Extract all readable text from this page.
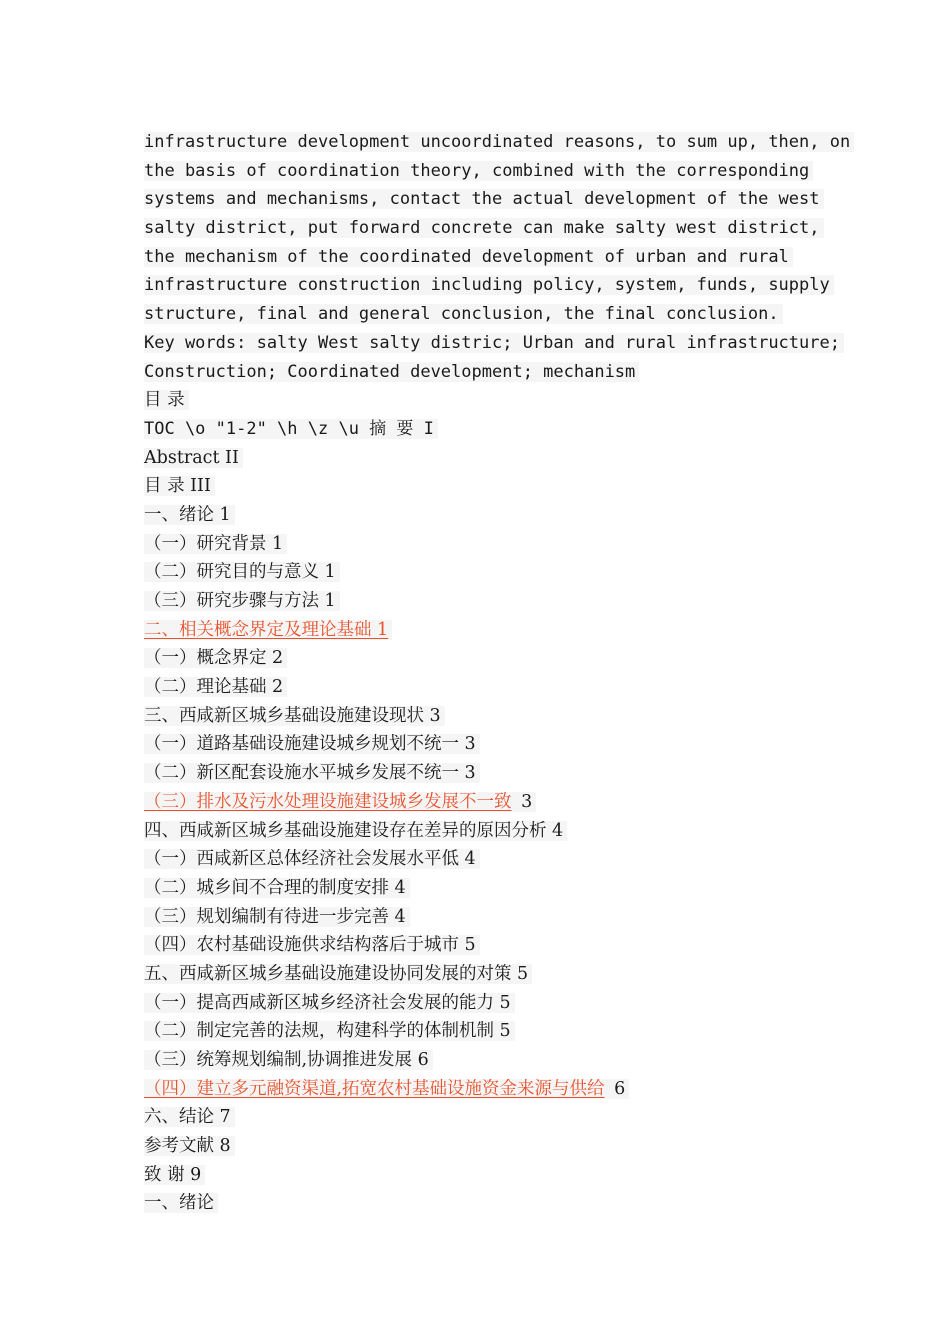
infrastructure development uncoordinated reasons, to sum up, then, on
the basis of coordination theory, combined with the corresponding
systems and mechanisms, contact the actual development of the west
salty district, put forward concrete can make salty west district,
the mechanism of the coordinated development of urban and rural
infrastructure construction including policy, system, funds, supply
structure, final and general conclusion, the final conclusion.
Key words: salty West salty distric; Urban and rural infrastructure;
Construction; Coordinated development; mechanism
目 录
TOC \o "1-2" \h \z \u 摘 要 I
Abstract II
目 录 III
一、绪论 1
（一）研究背景 1
（二）研究目的与意义 1
（三）研究步骤与方法 1
二、相关概念界定及理论基础 1
（一）概念界定 2
（二）理论基础 2
三、西咸新区城乡基础设施建设现状 3
（一）道路基础设施建设城乡规划不统一 3
（二）新区配套设施水平城乡发展不统一 3
（三）排水及污水处理设施建设城乡发展不一致 3
四、西咸新区城乡基础设施建设存在差异的原因分析 4
（一）西咸新区总体经济社会发展水平低 4
（二）城乡间不合理的制度安排 4
（三）规划编制有待进一步完善 4
（四）农村基础设施供求结构落后于城市 5
五、西咸新区城乡基础设施建设协同发展的对策 5
（一）提高西咸新区城乡经济社会发展的能力 5
（二）制定完善的法规，构建科学的体制机制 5
（三）统筹规划编制,协调推进发展 6
（四）建立多元融资渠道,拓宽农村基础设施资金来源与供给 6
六、结论 7
参考文献 8
致 谢 9
一、绪论
